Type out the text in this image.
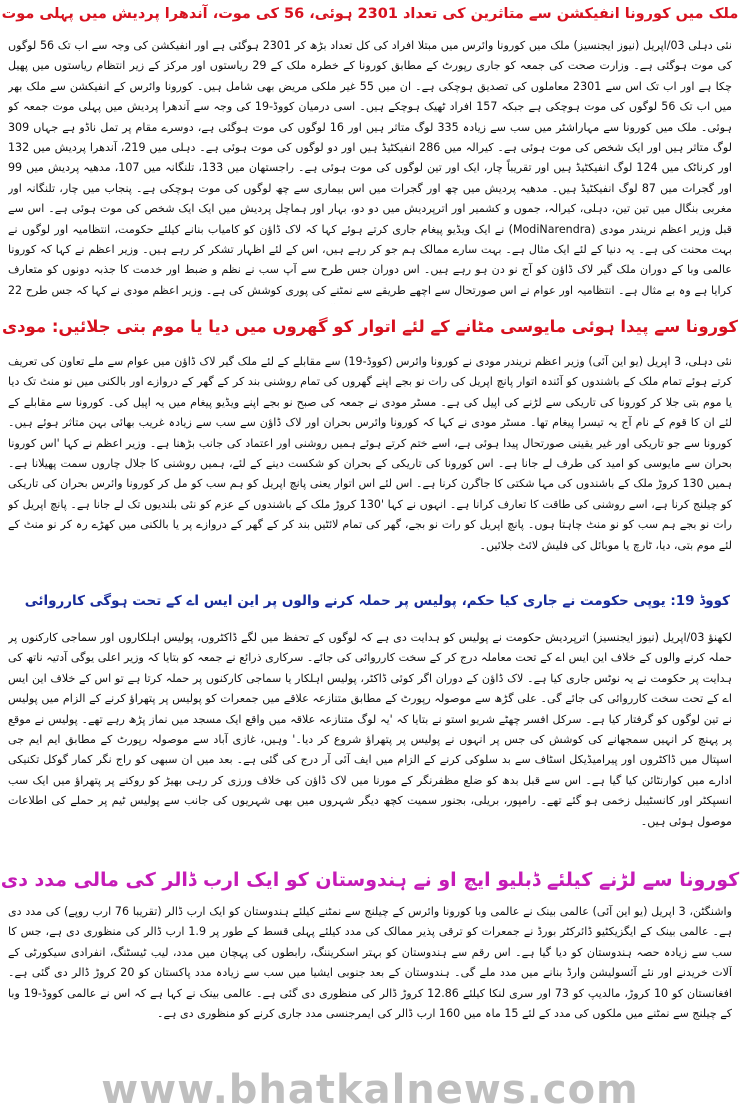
ملک میں کورونا انفیکشن سے متاثرین کی تعداد 2301 ہوئی، 56 کی موت، آندھرا پردیش میں پہلی موت

نئی دہلی 03/اپریل (نیوز ایجنسیز) ملک میں کورونا وائرس میں مبتلا افراد کی کل تعداد بڑھ کر 2301 ہوگئی ہے اور انفیکشن کی وجہ سے اب تک 56 لوگوں کی موت ہوگئی ہے۔ وزارت صحت کی جمعہ کو جاری رپورٹ کے مطابق کورونا کے خطرہ ملک کے 29 ریاستوں اور مرکز کے زیر انتظام ریاستوں میں پھیل چکا ہے اور اب تک اس سے 2301 معاملوں کی تصدیق ہوچکی ہے۔ ان میں 55 غیر ملکی مریض بھی شامل ہیں۔ کورونا وائرس کے انفیکشن سے ملک بھر میں اب تک 56 لوگوں کی موت ہوچکی ہے جبکہ 157 افراد ٹھیک ہوچکے ہیں۔ اسی درمیان کووڈ-19 کی وجہ سے آندھرا پردیش میں پہلی موت جمعہ کو ہوئی۔ ملک میں کورونا سے مہاراشٹر میں سب سے زیادہ 335 لوگ متاثر ہیں اور 16 لوگوں کی موت ہوگئی ہے، دوسرے مقام پر تمل ناڈو ہے جہاں 309 لوگ متاثر ہیں اور ایک شخص کی موت ہوئی ہے۔ کیرالہ میں 286 انفیکٹیڈ ہیں اور دو لوگوں کی موت ہوئی ہے۔ دہلی میں 219، آندھرا پردیش میں 132 اور کرناٹک میں 124 لوگ انفیکٹیڈ ہیں اور تقریباً چار، ایک اور تین لوگوں کی موت ہوئی ہے۔ راجستھان میں 133، تلنگانہ میں 107، مدھیہ پردیش میں 99 اور گجرات میں 87 لوگ انفیکٹیڈ ہیں۔ مدھیہ پردیش میں چھ اور گجرات میں اس بیماری سے چھ لوگوں کی موت ہوچکی ہے۔ پنجاب میں چار، تلنگانہ اور مغربی بنگال میں تین تین، دہلی، کیرالہ، جموں و کشمیر اور اترپردیش میں دو دو، بہار اور ہماچل پردیش میں ایک ایک شخص کی موت ہوئی ہے۔ اس سے قبل وزیر اعظم نریندر مودی (ModiNarendra) نے ایک ویڈیو پیغام جاری کرتے ہوئے کہا کہ لاک ڈاؤن کو کامیاب بنانے کیلئے حکومت، انتظامیہ اور لوگوں نے بہت محنت کی ہے۔ یہ دنیا کے لئے ایک مثال ہے۔ بہت سارے ممالک ہم جو کر رہے ہیں، اس کے لئے اظہار تشکر کر رہے ہیں۔ وزیر اعظم نے کہا کہ کورونا عالمی وبا کے دوران ملک گیر لاک ڈاؤن کو آج نو دن ہو رہے ہیں۔ اس دوران جس طرح سے آپ سب نے نظم و ضبط اور خدمت کا جذبہ دونوں کو متعارف کرایا ہے وہ بے مثال ہے۔ انتظامیہ اور عوام نے اس صورتحال سے اچھے طریقے سے نمٹنے کی پوری کوشش کی ہے۔ وزیر اعظم مودی نے کہا کہ جس طرح 22

کورونا سے پیدا ہوئی مایوسی مٹانے کے لئے اتوار کو گھروں میں دیا یا موم بتی جلائیں: مودی

نئی دہلی، 3 اپریل (یو این آئی) وزیر اعظم نریندر مودی نے کورونا وائرس (کووڈ-19) سے مقابلے کے لئے ملک گیر لاک ڈاؤن میں عوام سے ملے تعاون کی تعریف کرتے ہوئے تمام ملک کے باشندوں کو آئندہ اتوار پانچ اپریل کی رات نو بجے اپنے گھروں کی تمام روشنی بند کر کے گھر کے دروازے اور بالکنی میں نو منٹ تک دیا یا موم بتی جلا کر کورونا کی تاریکی سے لڑنے کی اپیل کی ہے۔ مسٹر مودی نے جمعہ کی صبح نو بجے اپنے ویڈیو پیغام میں یہ اپیل کی۔ کورونا سے مقابلے کے لئے ان کا قوم کے نام آج یہ تیسرا پیغام تھا۔ مسٹر مودی نے کہا کہ کورونا وائرس بحران اور لاک ڈاؤن سے سب سے زیادہ غریب بھائی بہن متاثر ہوئے ہیں۔ کورونا سے جو تاریکی اور غیر یقینی صورتحال پیدا ہوئی ہے، اسے ختم کرتے ہوئے ہمیں روشنی اور اعتماد کی جانب بڑھنا ہے۔ وزیر اعظم نے کہا 'اس کورونا بحران سے مایوسی کو امید کی طرف لے جانا ہے۔ اس کورونا کی تاریکی کے بحران کو شکست دینے کے لئے، ہمیں روشنی کا جلال چاروں سمت پھیلانا ہے۔ ہمیں 130 کروڑ ملک کے باشندوں کی مہا شکتی کا جاگرن کرنا ہے۔ اس لئے اس اتوار یعنی پانچ اپریل کو ہم سب کو مل کر کورونا وائرس بحران کی تاریکی کو چیلنج کرنا ہے، اسے روشنی کی طاقت کا تعارف کرانا ہے۔ انہوں نے کہا '130 کروڑ ملک کے باشندوں کے عزم کو نئی بلندیوں تک لے جانا ہے۔ پانچ اپریل کو رات نو بجے ہم سب کو نو منٹ چاہتا ہوں۔ پانچ اپریل کو رات نو بجے، گھر کی تمام لائٹیں بند کر کے گھر کے دروازے پر یا بالکنی میں کھڑے رہ کر نو منٹ کے لئے موم بتی، دیا، ٹارچ یا موبائل کی فلیش لائٹ جلائیں۔

کووڈ 19: یوپی حکومت نے جاری کیا حکم، پولیس پر حملہ کرنے والوں پر این ایس اے کے تحت ہوگی کارروائی

لکھنؤ 03/اپریل (نیوز ایجنسیز) اترپردیش حکومت نے پولیس کو ہدایت دی ہے کہ لوگوں کے تحفظ میں لگے ڈاکٹروں، پولیس اہلکاروں اور سماجی کارکنوں پر حملہ کرنے والوں کے خلاف این ایس اے کے تحت معاملہ درج کر کے سخت کارروائی کی جائے۔ سرکاری ذرائع نے جمعہ کو بتایا کہ وزیر اعلی یوگی آدتیہ ناتھ کی ہدایت پر حکومت نے یہ نوٹس جاری کیا ہے۔ لاک ڈاؤن کے دوران اگر کوئی ڈاکٹر، پولیس اہلکار یا سماجی کارکنوں پر حملہ کرتا ہے تو اس کے خلاف این ایس اے کے تحت سخت کارروائی کی جائے گی۔ علی گڑھ سے موصولہ رپورٹ کے مطابق متنازعہ علاقے میں جمعرات کو پولیس پر پتھراؤ کرنے کے الزام میں پولیس نے تین لوگوں کو گرفتار کیا ہے۔ سرکل افسر چھٹے شریو استو نے بتایا کہ 'یہ لوگ متنازعہ علاقہ میں واقع ایک مسجد میں نماز پڑھ رہے تھے۔ پولیس نے موقع پر پہنچ کر انہیں سمجھانے کی کوشش کی جس پر انہوں نے پولیس پر پتھراؤ شروع کر دیا۔' وہیں، غازی آباد سے موصولہ رپورٹ کے مطابق ایم ایم جی اسپتال میں ڈاکٹروں اور پیرامیڈیکل اسٹاف سے بد سلوکی کرنے کے الزام میں ایف آئی آر درج کی گئی ہے۔ بعد میں ان سبھی کو راج نگر کمار گوکل تکنیکی ادارے میں کوارنٹائن کیا گیا ہے۔ اس سے قبل بدھ کو ضلع مظفرنگر کے مورنا میں لاک ڈاؤن کی خلاف ورزی کر رہی بھیڑ کو روکنے پر پتھراؤ میں ایک سب انسپکٹر اور کانسٹیبل زخمی ہو گئے تھے۔ رامپور، بریلی، بجنور سمیت کچھ دیگر شہروں میں بھی شہریوں کی جانب سے پولیس ٹیم پر حملے کی اطلاعات موصول ہوئی ہیں۔

کورونا سے لڑنے کیلئے ڈبلیو ایچ او نے ہندوستان کو ایک ارب ڈالر کی مالی مدد دی

واشنگٹن، 3 اپریل (یو این آئی) عالمی بینک نے عالمی وبا کورونا وائرس کے چیلنج سے نمٹنے کیلئے ہندوستان کو ایک ارب ڈالر (تقریبا 76 ارب روپے) کی مدد دی ہے۔ عالمی بینک کے ایگزیکٹیو ڈائرکٹر بورڈ نے جمعرات کو ترقی پذیر ممالک کی مدد کیلئے پہلی قسط کے طور پر 1.9 ارب ڈالر کی منظوری دی ہے، جس کا سب سے زیادہ حصہ ہندوستان کو دیا گیا ہے۔ اس رقم سے ہندوستان کو بہتر اسکریننگ، رابطوں کی پہچان میں مدد، لیب ٹیسٹنگ، انفرادی سیکورٹی کے آلات خریدنے اور نئے آئسولیشن وارڈ بنانے میں مدد ملے گی۔ ہندوستان کے بعد جنوبی ایشیا میں سب سے زیادہ مدد پاکستان کو 20 کروڑ ڈالر دی گئی ہے۔ افغانستان کو 10 کروڑ، مالدیپ کو 73 اور سری لنکا کیلئے 12.86 کروڑ ڈالر کی منظوری دی گئی ہے۔ عالمی بینک نے کہا ہے کہ اس نے عالمی کووڈ-19 وبا کے چیلنج سے نمٹنے میں ملکوں کی مدد کے لئے 15 ماہ میں 160 ارب ڈالر کی ایمرجنسی مدد جاری کرنے کو منظوری دی ہے۔

www.bhatkalnews.com
